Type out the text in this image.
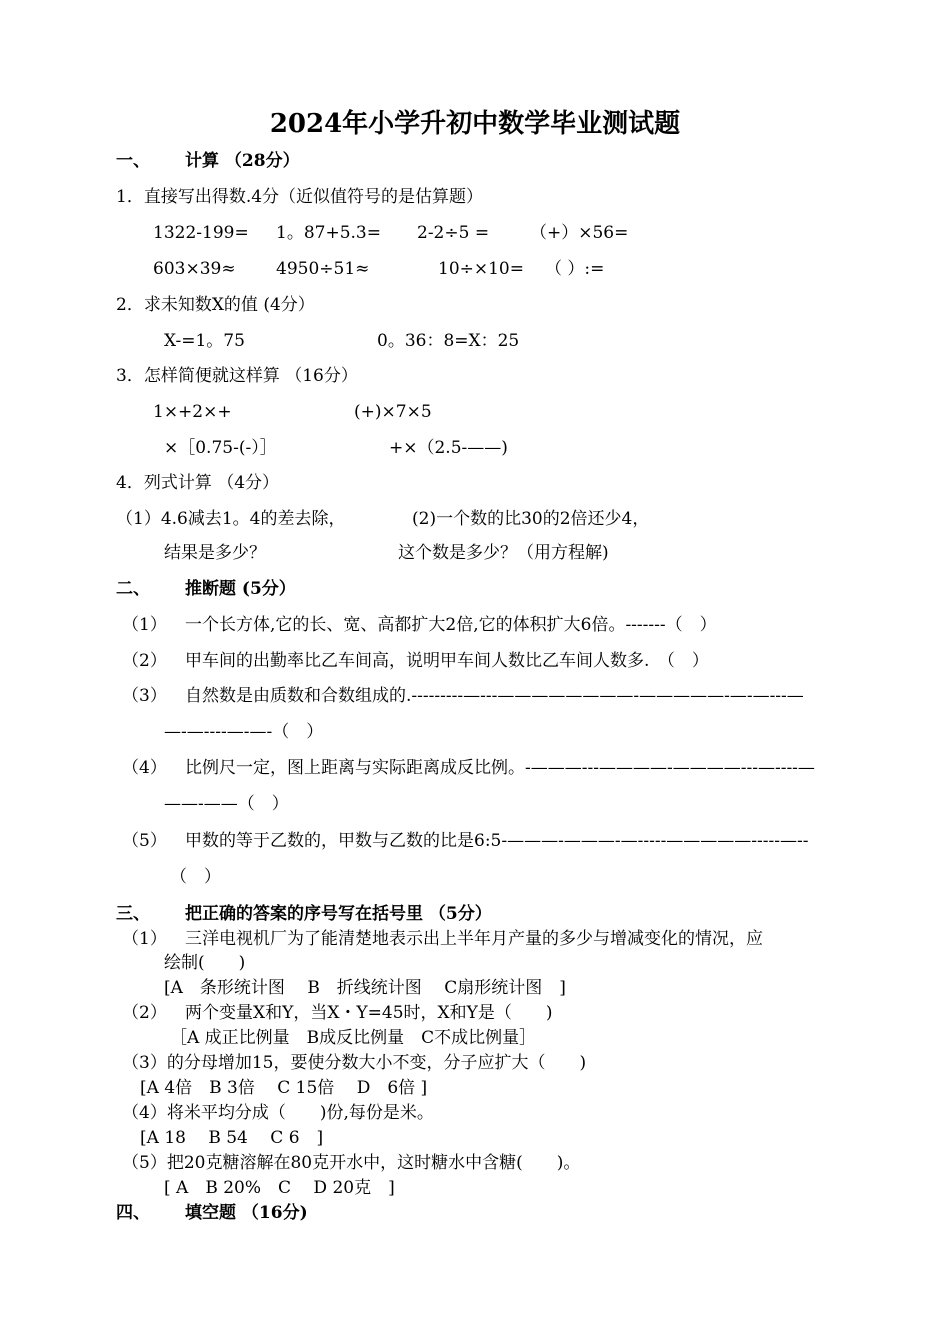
2024年小学升初中数学毕业测试题
一、 计算 （28分）
1．直接写出得数.4分（近似值符号的是估算题）
1322-199= 1。87+5.3= 2-2÷5 = （+）×56=
603×39≈ 4950÷51≈	10÷×10= （ ）:=
2．求未知数X的值 (4分）
X-=1。75	0。36：8=X：25
3．怎样简便就这样算 （16分）
1×+2×+	(+)×7×5
×［0.75-(-）］	+×（2.5-——)
4．列式计算 （4分）
（1）4.6减去1。4的差去除，	(2)一个数的比30的2倍还少4，
结果是多少？	这个数是多少？（用方程解)
二、 推断题 (5分）
（1） 一个长方体,它的长、宽、高都扩大2倍,它的体积扩大6倍。-------（　）
（2） 甲车间的出勤率比乙车间高，说明甲车间人数比乙车间人数多.　（　）
（3） 自然数是由质数和合数组成的.---------—---————————-—————-—-—---—
—-—----—-—-（　）
（4） 比例尺一定，图上距离与实际距离成反比例。-———---————-————---—----—
——-——（　）
（5） 甲数的等于乙数的，甲数与乙数的比是6:5-———-———-—-----—————-----—--
（　）
三、 把正确的答案的序号写在括号里 （5分）
（1） 三洋电视机厂为了能清楚地表示出上半年月产量的多少与增减变化的情况，应
绘制(　　)
[A　条形统计图　 B　折线统计图　 C扇形统计图　]
（2） 两个变量X和Y，当X・Y=45时，X和Y是（　　)
［A 成正比例量　B成反比例量　C不成比例量］
（3）的分母增加15，要使分数大小不变，分子应扩大（　　)
[A 4倍　B 3倍　 C 15倍　 D　6倍 ]
（4）将米平均分成（　　)份,每份是米。
[A 18　 B 54　 C 6　]
（5）把20克糖溶解在80克开水中，这时糖水中含糖(　　)。
[ A　B 20%　C　 D 20克　]
四、 填空题 （16分)
